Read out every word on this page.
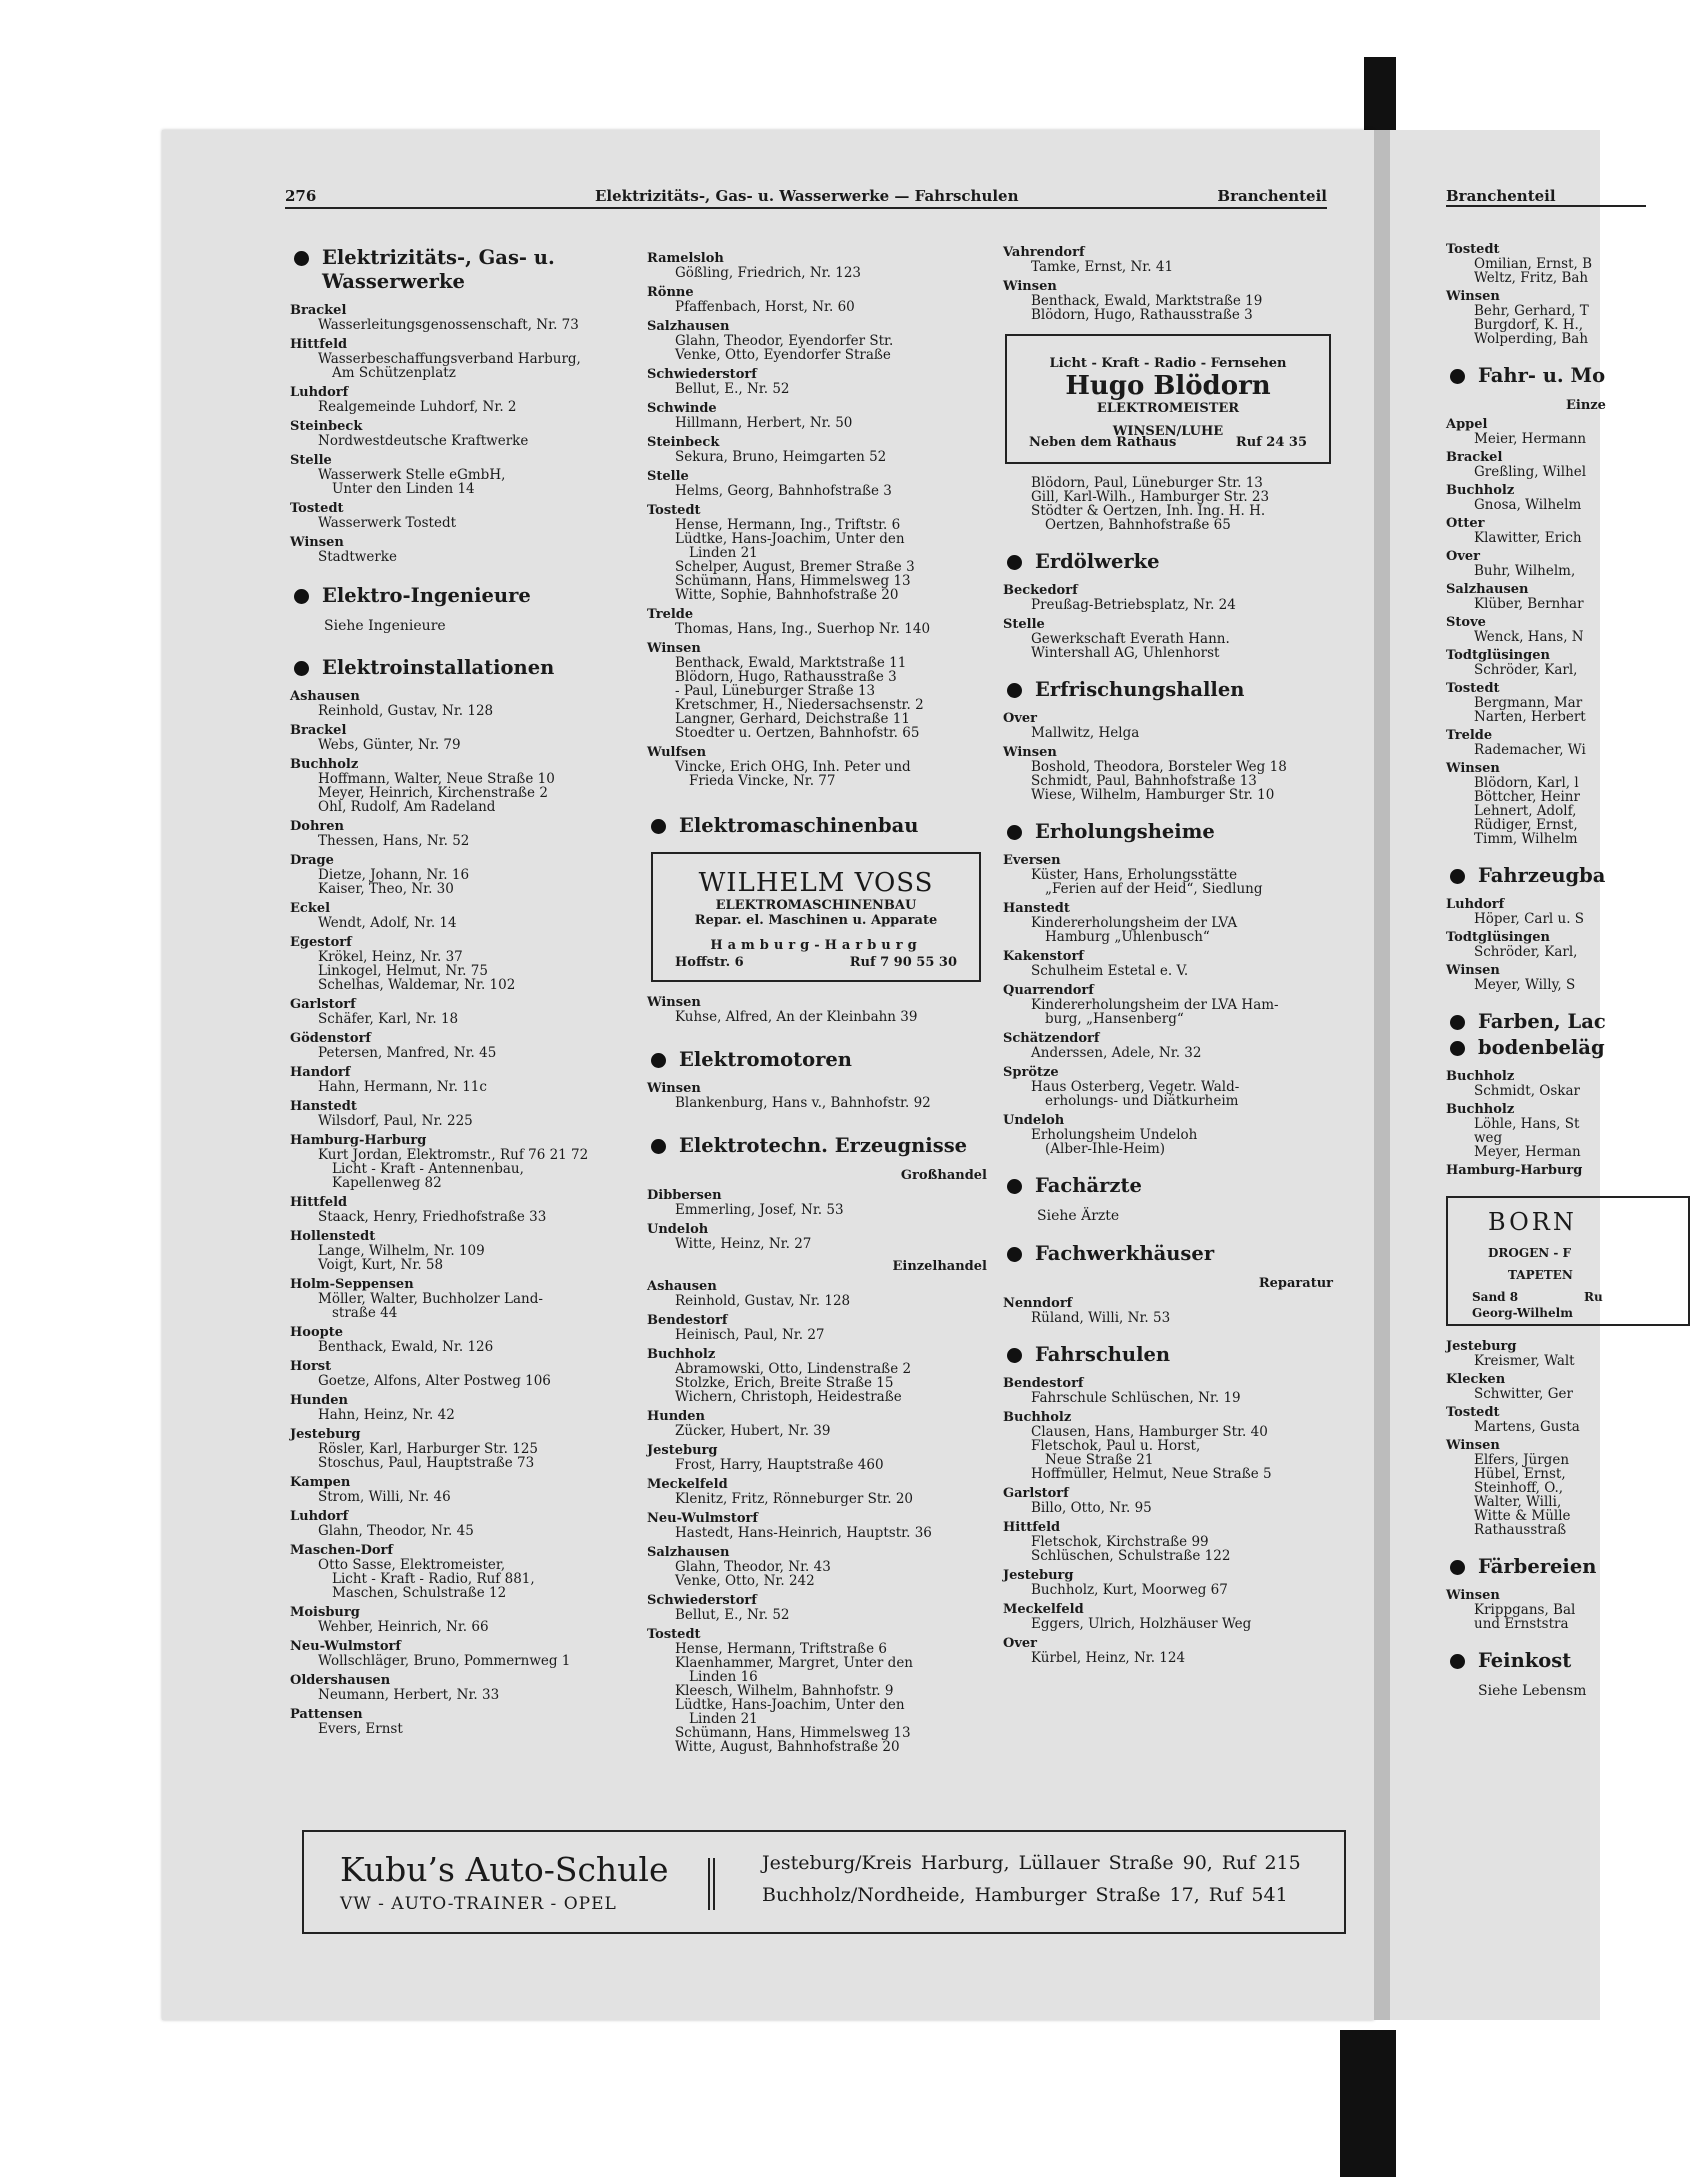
Branchenteil
Tostedt
Omilian, Ernst, B
Weltz, Fritz, Bah
Winsen
Behr, Gerhard, T
Burgdorf, K. H.,
Wolperding, Bah
Fahr- u. Mo
Einze
Appel
Meier, Hermann
Brackel
Greßling, Wilhel
Buchholz
Gnosa, Wilhelm
Otter
Klawitter, Erich
Over
Buhr, Wilhelm,
Salzhausen
Klüber, Bernhar
Stove
Wenck, Hans, N
Todtglüsingen
Schröder, Karl,
Tostedt
Bergmann, Mar
Narten, Herbert
Trelde
Rademacher, Wi
Winsen
Blödorn, Karl, l
Böttcher, Heinr
Lehnert, Adolf,
Rüdiger, Ernst,
Timm, Wilhelm
Fahrzeugba
Luhdorf
Höper, Carl u. S
Todtglüsingen
Schröder, Karl,
Winsen
Meyer, Willy, S
Farben, Lac
bodenbeläg
Buchholz
Schmidt, Oskar
Buchholz
Löhle, Hans, St
weg
Meyer, Herman
Hamburg-Harburg
BORN
DROGEN - F
TAPETEN
Sand 8	Ru
Georg-Wilhelm
Jesteburg
Kreismer, Walt
Klecken
Schwitter, Ger
Tostedt
Martens, Gusta
Winsen
Elfers, Jürgen
Hübel, Ernst,
Steinhoff, O.,
Walter, Willi,
Witte & Mülle
Rathausstraß
Färbereien
Winsen
Krippgans, Bal
und Ernststra
Feinkost
Siehe Lebensm
276	Elektrizitäts-, Gas- u. Wasserwerke — Fahrschulen	Branchenteil
Elektrizitäts-, Gas- u.
Wasserwerke
Brackel
Wasserleitungsgenossenschaft, Nr. 73
Hittfeld
Wasserbeschaffungsverband Harburg,
Am Schützenplatz
Luhdorf
Realgemeinde Luhdorf, Nr. 2
Steinbeck
Nordwestdeutsche Kraftwerke
Stelle
Wasserwerk Stelle eGmbH,
Unter den Linden 14
Tostedt
Wasserwerk Tostedt
Winsen
Stadtwerke
Elektro-Ingenieure
Siehe Ingenieure
Elektroinstallationen
Ashausen
Reinhold, Gustav, Nr. 128
Brackel
Webs, Günter, Nr. 79
Buchholz
Hoffmann, Walter, Neue Straße 10
Meyer, Heinrich, Kirchenstraße 2
Ohl, Rudolf, Am Radeland
Dohren
Thessen, Hans, Nr. 52
Drage
Dietze, Johann, Nr. 16
Kaiser, Theo, Nr. 30
Eckel
Wendt, Adolf, Nr. 14
Egestorf
Krökel, Heinz, Nr. 37
Linkogel, Helmut, Nr. 75
Schelhas, Waldemar, Nr. 102
Garlstorf
Schäfer, Karl, Nr. 18
Gödenstorf
Petersen, Manfred, Nr. 45
Handorf
Hahn, Hermann, Nr. 11c
Hanstedt
Wilsdorf, Paul, Nr. 225
Hamburg-Harburg
Kurt Jordan, Elektromstr., Ruf 76 21 72
Licht - Kraft - Antennenbau,
Kapellenweg 82
Hittfeld
Staack, Henry, Friedhofstraße 33
Hollenstedt
Lange, Wilhelm, Nr. 109
Voigt, Kurt, Nr. 58
Holm-Seppensen
Möller, Walter, Buchholzer Land-
straße 44
Hoopte
Benthack, Ewald, Nr. 126
Horst
Goetze, Alfons, Alter Postweg 106
Hunden
Hahn, Heinz, Nr. 42
Jesteburg
Rösler, Karl, Harburger Str. 125
Stoschus, Paul, Hauptstraße 73
Kampen
Strom, Willi, Nr. 46
Luhdorf
Glahn, Theodor, Nr. 45
Maschen-Dorf
Otto Sasse, Elektromeister,
Licht - Kraft - Radio, Ruf 881,
Maschen, Schulstraße 12
Moisburg
Wehber, Heinrich, Nr. 66
Neu-Wulmstorf
Wollschläger, Bruno, Pommernweg 1
Oldershausen
Neumann, Herbert, Nr. 33
Pattensen
Evers, Ernst
Ramelsloh
Gößling, Friedrich, Nr. 123
Rönne
Pfaffenbach, Horst, Nr. 60
Salzhausen
Glahn, Theodor, Eyendorfer Str.
Venke, Otto, Eyendorfer Straße
Schwiederstorf
Bellut, E., Nr. 52
Schwinde
Hillmann, Herbert, Nr. 50
Steinbeck
Sekura, Bruno, Heimgarten 52
Stelle
Helms, Georg, Bahnhofstraße 3
Tostedt
Hense, Hermann, Ing., Triftstr. 6
Lüdtke, Hans-Joachim, Unter den
Linden 21
Schelper, August, Bremer Straße 3
Schümann, Hans, Himmelsweg 13
Witte, Sophie, Bahnhofstraße 20
Trelde
Thomas, Hans, Ing., Suerhop Nr. 140
Winsen
Benthack, Ewald, Marktstraße 11
Blödorn, Hugo, Rathausstraße 3
- Paul, Lüneburger Straße 13
Kretschmer, H., Niedersachsenstr. 2
Langner, Gerhard, Deichstraße 11
Stoedter u. Oertzen, Bahnhofstr. 65
Wulfsen
Vincke, Erich OHG, Inh. Peter und
Frieda Vincke, Nr. 77
Elektromaschinenbau
WILHELM VOSS
ELEKTROMASCHINENBAU
Repar. el. Maschinen u. Apparate
Hamburg-Harburg
Hoffstr. 6	Ruf 7 90 55 30
Winsen
Kuhse, Alfred, An der Kleinbahn 39
Elektromotoren
Winsen
Blankenburg, Hans v., Bahnhofstr. 92
Elektrotechn. Erzeugnisse
Großhandel
Dibbersen
Emmerling, Josef, Nr. 53
Undeloh
Witte, Heinz, Nr. 27
Einzelhandel
Ashausen
Reinhold, Gustav, Nr. 128
Bendestorf
Heinisch, Paul, Nr. 27
Buchholz
Abramowski, Otto, Lindenstraße 2
Stolzke, Erich, Breite Straße 15
Wichern, Christoph, Heidestraße
Hunden
Zücker, Hubert, Nr. 39
Jesteburg
Frost, Harry, Hauptstraße 460
Meckelfeld
Klenitz, Fritz, Rönneburger Str. 20
Neu-Wulmstorf
Hastedt, Hans-Heinrich, Hauptstr. 36
Salzhausen
Glahn, Theodor, Nr. 43
Venke, Otto, Nr. 242
Schwiederstorf
Bellut, E., Nr. 52
Tostedt
Hense, Hermann, Triftstraße 6
Klaenhammer, Margret, Unter den
Linden 16
Kleesch, Wilhelm, Bahnhofstr. 9
Lüdtke, Hans-Joachim, Unter den
Linden 21
Schümann, Hans, Himmelsweg 13
Witte, August, Bahnhofstraße 20
Vahrendorf
Tamke, Ernst, Nr. 41
Winsen
Benthack, Ewald, Marktstraße 19
Blödorn, Hugo, Rathausstraße 3
Licht - Kraft - Radio - Fernsehen
Hugo Blödorn
ELEKTROMEISTER
WINSEN/LUHE
Neben dem Rathaus	Ruf 24 35
Blödorn, Paul, Lüneburger Str. 13
Gill, Karl-Wilh., Hamburger Str. 23
Stödter & Oertzen, Inh. Ing. H. H.
Oertzen, Bahnhofstraße 65
Erdölwerke
Beckedorf
Preußag-Betriebsplatz, Nr. 24
Stelle
Gewerkschaft Everath Hann.
Wintershall AG, Uhlenhorst
Erfrischungshallen
Over
Mallwitz, Helga
Winsen
Boshold, Theodora, Borsteler Weg 18
Schmidt, Paul, Bahnhofstraße 13
Wiese, Wilhelm, Hamburger Str. 10
Erholungsheime
Eversen
Küster, Hans, Erholungsstätte
„Ferien auf der Heid“, Siedlung
Hanstedt
Kindererholungsheim der LVA
Hamburg „Uhlenbusch“
Kakenstorf
Schulheim Estetal e. V.
Quarrendorf
Kindererholungsheim der LVA Ham-
burg, „Hansenberg“
Schätzendorf
Anderssen, Adele, Nr. 32
Sprötze
Haus Osterberg, Vegetr. Wald-
erholungs- und Diätkurheim
Undeloh
Erholungsheim Undeloh
(Alber-Ihle-Heim)
Fachärzte
Siehe Ärzte
Fachwerkhäuser
Reparatur
Nenndorf
Rüland, Willi, Nr. 53
Fahrschulen
Bendestorf
Fahrschule Schlüschen, Nr. 19
Buchholz
Clausen, Hans, Hamburger Str. 40
Fletschok, Paul u. Horst,
Neue Straße 21
Hoffmüller, Helmut, Neue Straße 5
Garlstorf
Billo, Otto, Nr. 95
Hittfeld
Fletschok, Kirchstraße 99
Schlüschen, Schulstraße 122
Jesteburg
Buchholz, Kurt, Moorweg 67
Meckelfeld
Eggers, Ulrich, Holzhäuser Weg
Over
Kürbel, Heinz, Nr. 124
Kubu’s Auto-Schule
VW - AUTO-TRAINER - OPEL
Jesteburg/Kreis Harburg, Lüllauer Straße 90, Ruf 215
Buchholz/Nordheide, Hamburger Straße 17, Ruf 541
